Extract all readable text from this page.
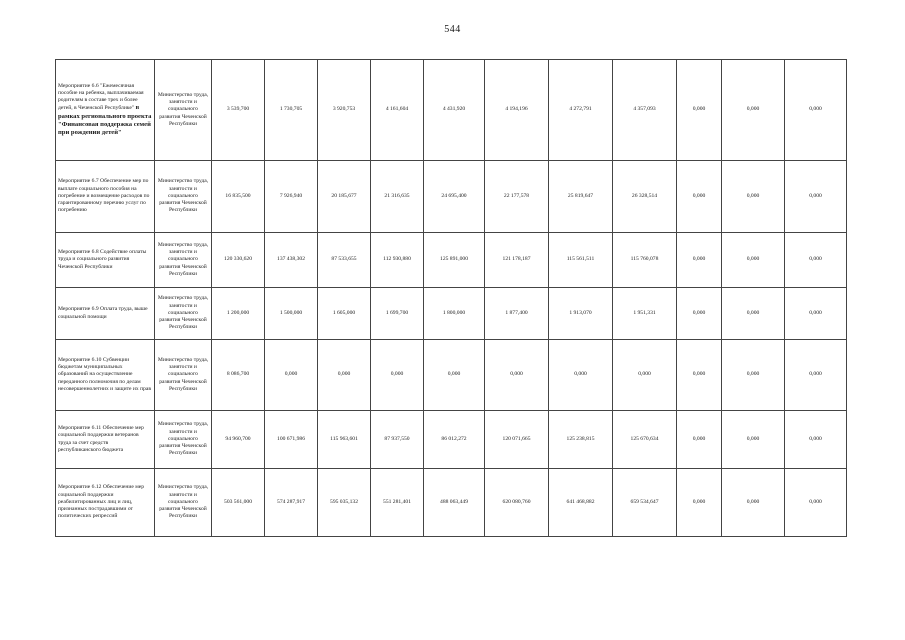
544
Мероприятие 6.6 "Ежемесячная пособие на ребенка, выплачиваемая родителям в составе трех и более детей, в Чеченской Республике" в рамках регионального проекта "Финансовая поддержка семей при рождении детей"	Министерство труда, занятости и социального развития Чеченской Республики	3 539,700	1 730,705	3 920,753	4 161,604	4 431,920	4 194,196	4 272,791	4 357,093	0,000	0,000	0,000
Мероприятие 6.7 Обеспечение мер по выплате социального пособия на погребение и возмещение расходов по гарантированному перечню услуг по погребению	Министерство труда, занятости и социального развития Чеченской Республики	16 835,500	7 926,940	20 185,677	21 316,635	24 695,400	22 177,578	25 819,647	26 328,514	0,000	0,000	0,000
Мероприятие 6.8 Содействие оплаты труда и социального развития Чеченской Республики	Министерство труда, занятости и социального развития Чеченской Республики	120 330,620	137 438,302	87 533,655	112 930,880	125 891,000	121 178,187	115 561,511	115 760,078	0,000	0,000	0,000
Мероприятие 6.9 Оплата труда, выше социальной помощи	Министерство труда, занятости и социального развития Чеченской Республики	1 200,000	1 500,000	1 605,000	1 699,700	1 800,000	1 877,400	1 913,070	1 951,331	0,000	0,000	0,000
Мероприятие 6.10 Субвенции бюджетам муниципальных образований на осуществление переданного полномочия по делам несовершеннолетних и защите их прав	Министерство труда, занятости и социального развития Чеченской Республики	8 086,700	0,000	0,000	0,000	0,000	0,000	0,000	0,000	0,000	0,000	0,000
Мероприятие 6.11 Обеспечение мер социальной поддержки ветеранов труда за счет средств республиканского бюджета	Министерство труда, занятости и социального развития Чеченской Республики	94 960,700	100 671,986	115 963,601	87 937,550	86 012,272	120 071,665	125 238,815	125 670,634	0,000	0,000	0,000
Мероприятие 6.12 Обеспечение мер социальной поддержки реабилитированных лиц и лиц, признанных пострадавшими от политических репрессий	Министерство труда, занятости и социального развития Чеченской Республики	503 561,000	574 287,917	595 035,132	551 281,401	488 063,449	620 080,760	641 468,882	659 534,647	0,000	0,000	0,000
